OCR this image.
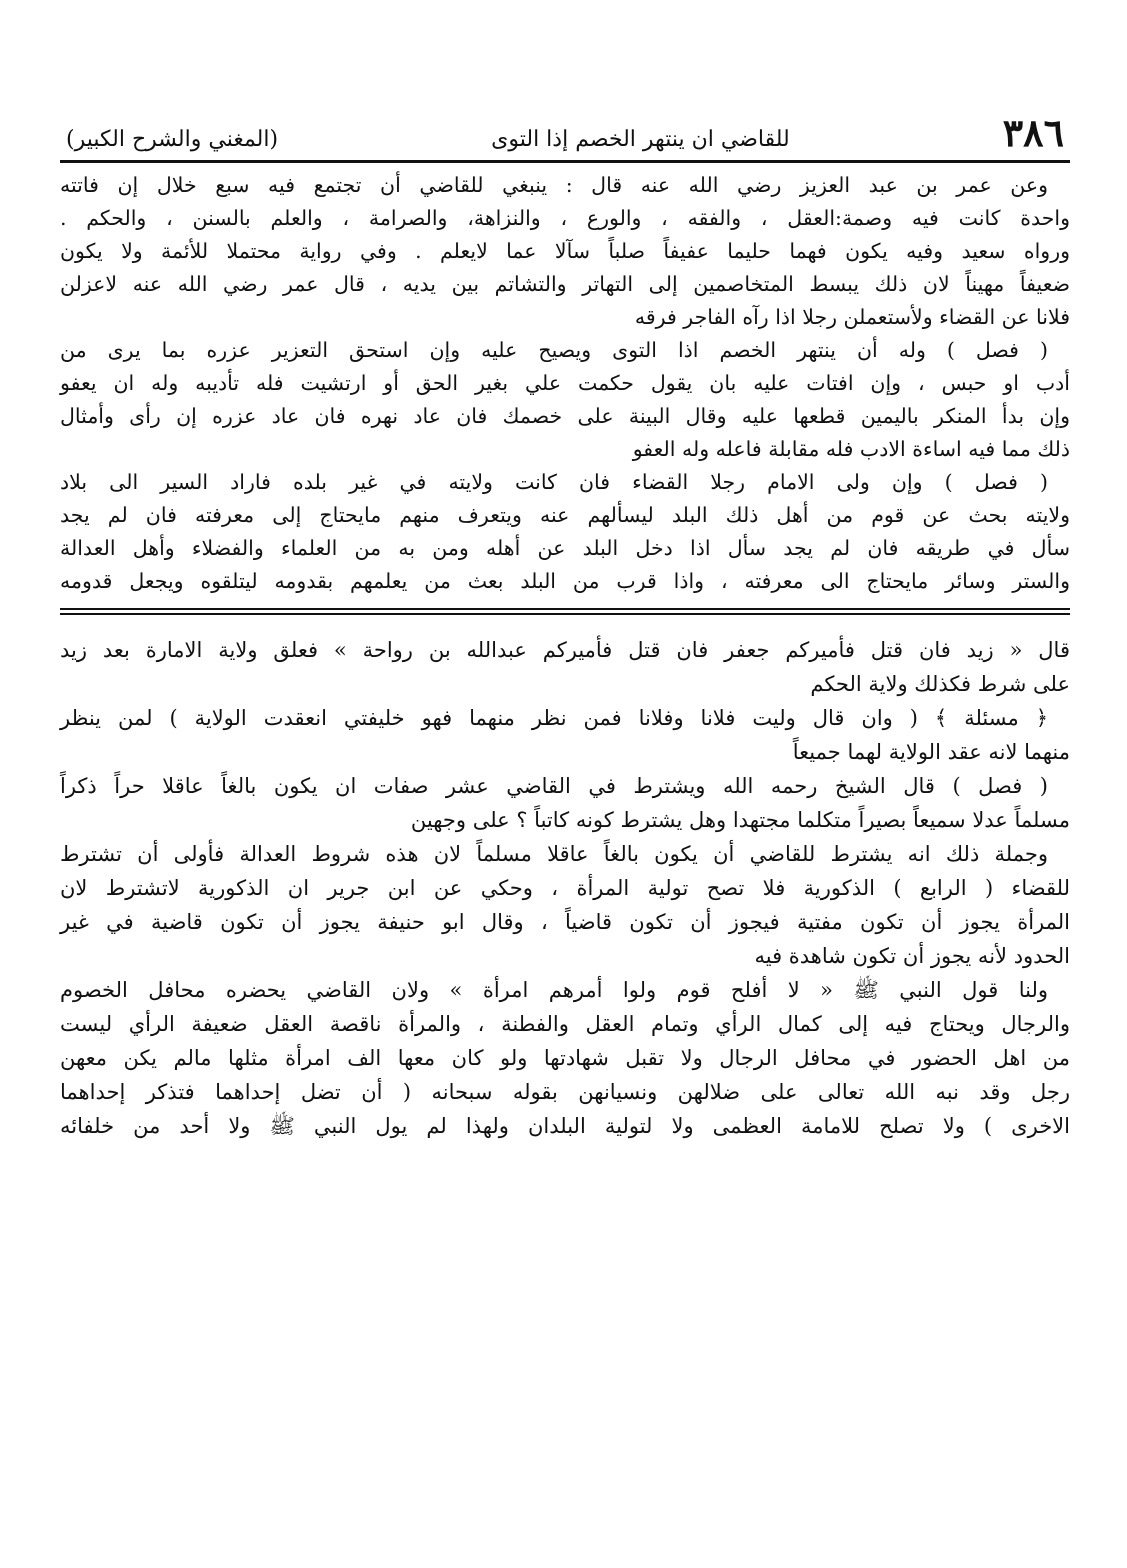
٣٨٦
للقاضي ان ينتهر الخصم إذا التوى
(المغني والشرح الكبير)
وعن عمر بن عبد العزيز رضي الله عنه قال : ينبغي للقاضي أن تجتمع فيه سبع خلال إن فاتته
واحدة كانت فيه وصمة:العقل ، والفقه ، والورع ، والنزاهة، والصرامة ، والعلم بالسنن ، والحكم .
ورواه سعيد وفيه يكون فهما حليما عفيفاً صلباً سآلا عما لايعلم . وفي رواية محتملا للأئمة ولا يكون
ضعيفاً مهيناً لان ذلك يبسط المتخاصمين إلى التهاتر والتشاتم بين يديه ، قال عمر رضي الله عنه لاعزلن
فلانا عن القضاء ولأستعملن رجلا اذا رآه الفاجر فرقه
( فصل ) وله أن ينتهر الخصم اذا التوى ويصيح عليه وإن استحق التعزير عزره بما يرى من
أدب او حبس ، وإن افتات عليه بان يقول حكمت علي بغير الحق أو ارتشيت فله تأديبه وله ان يعفو
وإن بدأ المنكر باليمين قطعها عليه وقال البينة على خصمك فان عاد نهره فان عاد عزره إن رأى وأمثال
ذلك مما فيه اساءة الادب فله مقابلة فاعله وله العفو
( فصل ) وإن ولى الامام رجلا القضاء فان كانت ولايته في غير بلده فاراد السير الى بلاد
ولايته بحث عن قوم من أهل ذلك البلد ليسألهم عنه ويتعرف منهم مايحتاج إلى معرفته فان لم يجد
سأل في طريقه فان لم يجد سأل اذا دخل البلد عن أهله ومن به من العلماء والفضلاء وأهل العدالة
والستر وسائر مايحتاج الى معرفته ، واذا قرب من البلد بعث من يعلمهم بقدومه ليتلقوه ويجعل قدومه
قال « زيد فان قتل فأميركم جعفر فان قتل فأميركم عبدالله بن رواحة » فعلق ولاية الامارة بعد زيد
على شرط فكذلك ولاية الحكم
﴿ مسئلة ﴾ ( وان قال وليت فلانا وفلانا فمن نظر منهما فهو خليفتي انعقدت الولاية ) لمن ينظر
منهما لانه عقد الولاية لهما جميعاً
( فصل ) قال الشيخ رحمه الله ويشترط في القاضي عشر صفات ان يكون بالغاً عاقلا حراً ذكراً
مسلماً عدلا سميعاً بصيراً متكلما مجتهدا وهل يشترط كونه كاتباً ؟ على وجهين
وجملة ذلك انه يشترط للقاضي أن يكون بالغاً عاقلا مسلماً لان هذه شروط العدالة فأولى أن تشترط
للقضاء ( الرابع ) الذكورية فلا تصح تولية المرأة ، وحكي عن ابن جرير ان الذكورية لاتشترط لان
المرأة يجوز أن تكون مفتية فيجوز أن تكون قاضياً ، وقال ابو حنيفة يجوز أن تكون قاضية في غير
الحدود لأنه يجوز أن تكون شاهدة فيه
ولنا قول النبي ﷺ « لا أفلح قوم ولوا أمرهم امرأة » ولان القاضي يحضره محافل الخصوم
والرجال ويحتاج فيه إلى كمال الرأي وتمام العقل والفطنة ، والمرأة ناقصة العقل ضعيفة الرأي ليست
من اهل الحضور في محافل الرجال ولا تقبل شهادتها ولو كان معها الف امرأة مثلها مالم يكن معهن
رجل وقد نبه الله تعالى على ضلالهن ونسيانهن بقوله سبحانه ( أن تضل إحداهما فتذكر إحداهما
الاخرى ) ولا تصلح للامامة العظمى ولا لتولية البلدان ولهذا لم يول النبي ﷺ ولا أحد من خلفائه
